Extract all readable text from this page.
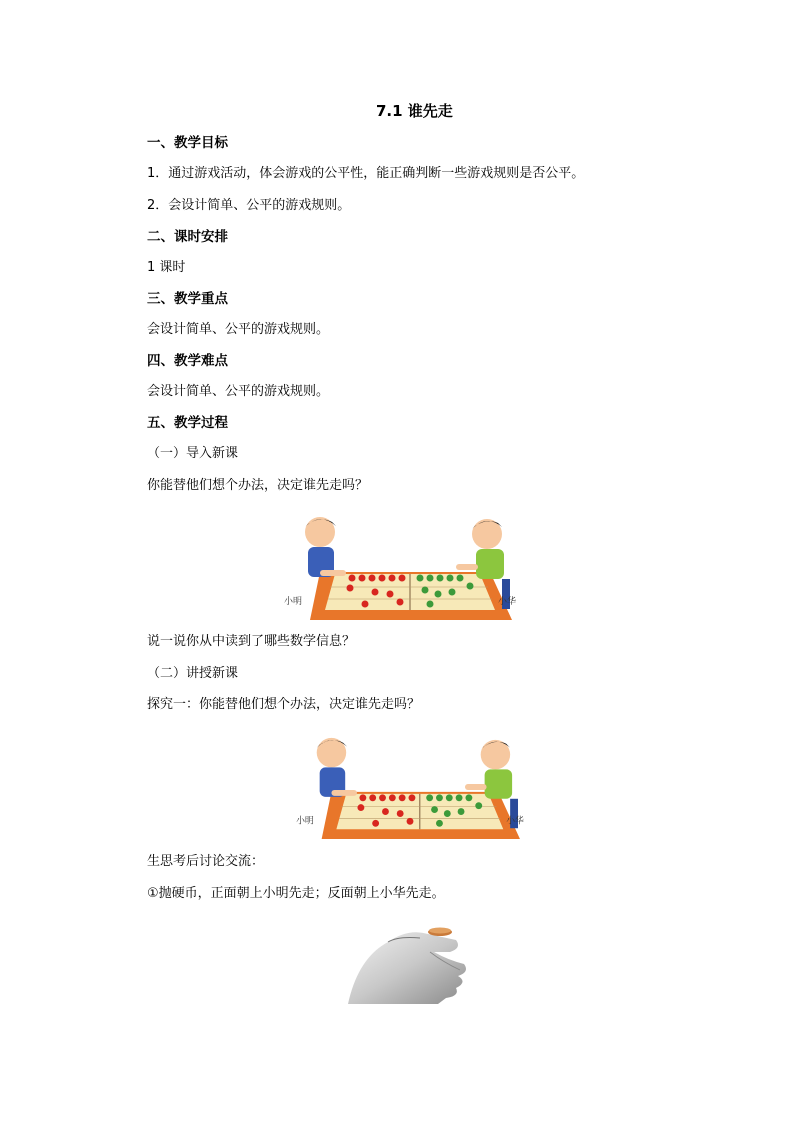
7.1 谁先走
一、教学目标
1．通过游戏活动，体会游戏的公平性，能正确判断一些游戏规则是否公平。
2．会设计简单、公平的游戏规则。
二、课时安排
1 课时
三、教学重点
会设计简单、公平的游戏规则。
四、教学难点
会设计简单、公平的游戏规则。
五、教学过程
（一）导入新课
你能替他们想个办法，决定谁先走吗？
小明	小华
说一说你从中读到了哪些数学信息？
（二）讲授新课
探究一：你能替他们想个办法，决定谁先走吗？
小明	小华
生思考后讨论交流：
①抛硬币，正面朝上小明先走；反面朝上小华先走。
